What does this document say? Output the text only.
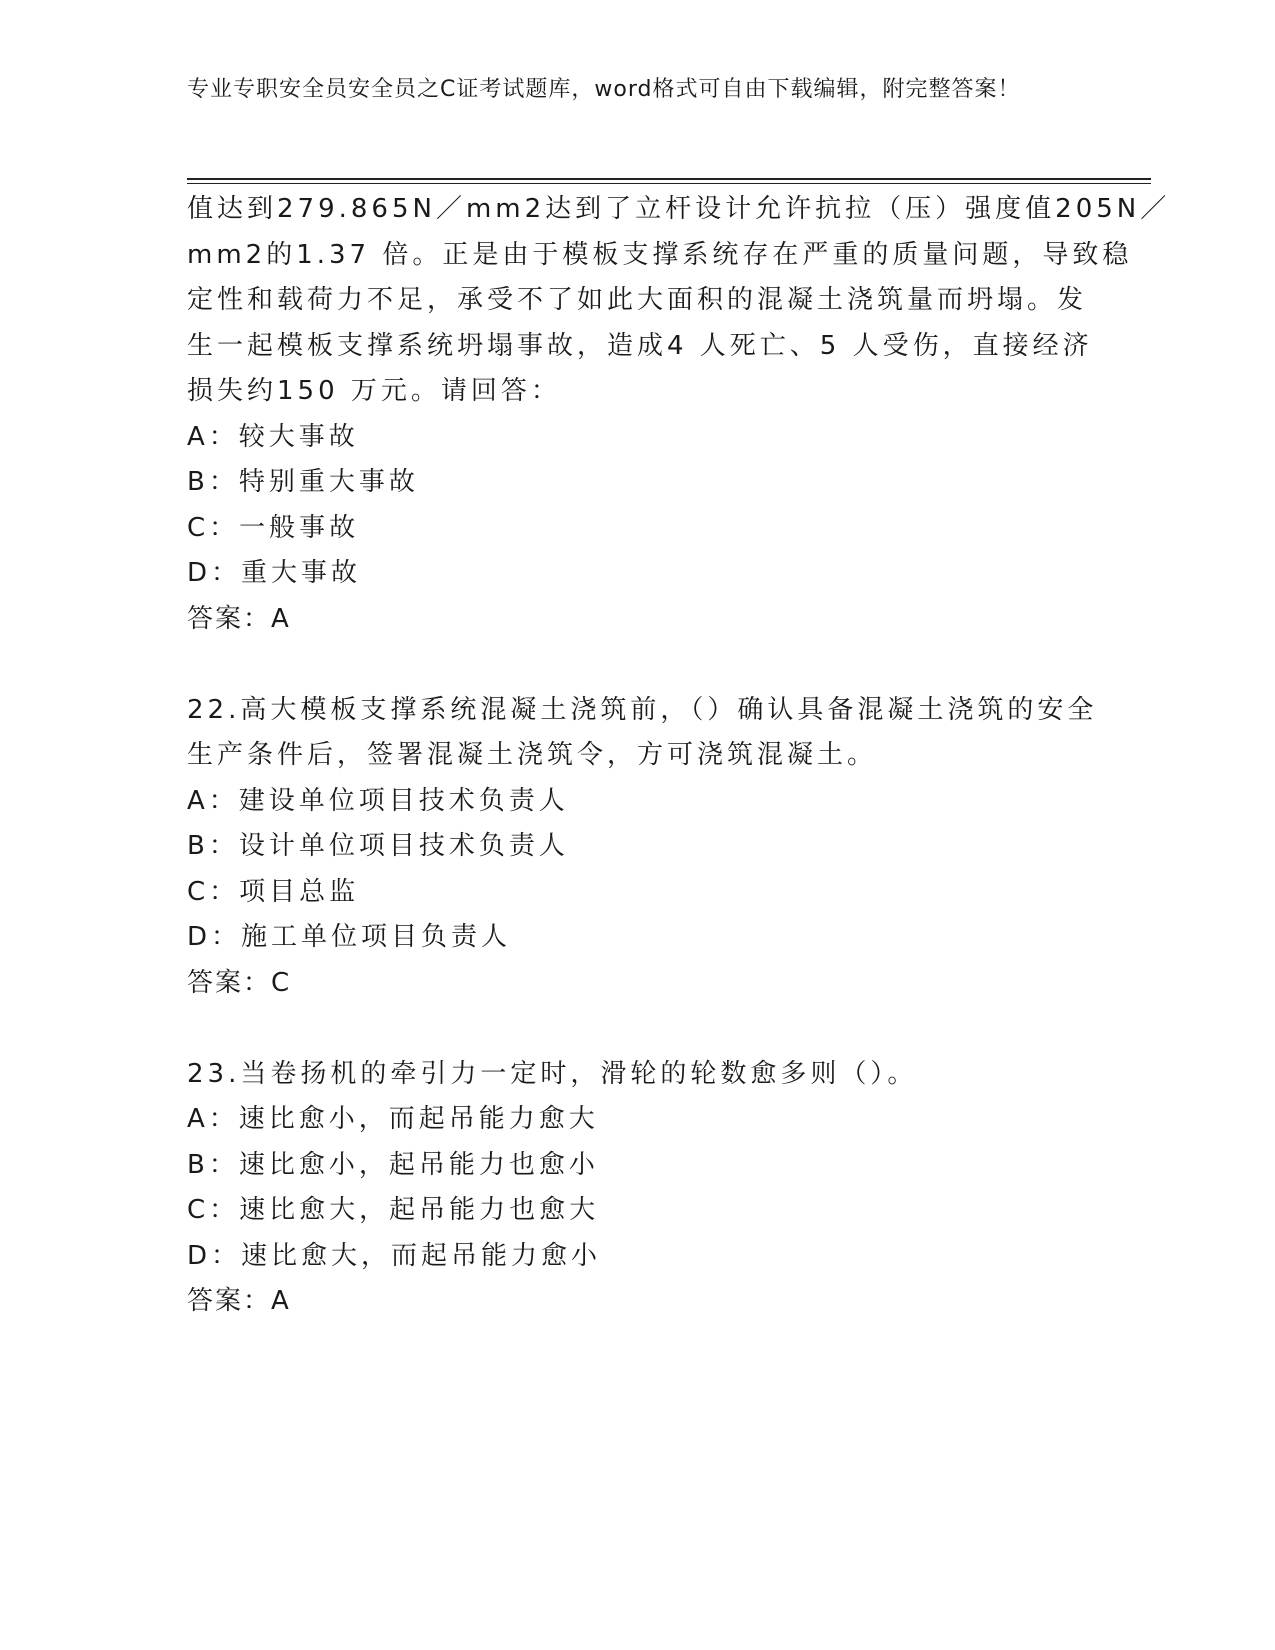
专业专职安全员安全员之C证考试题库，word格式可自由下载编辑，附完整答案！
值达到279.865N／mm2达到了立杆设计允许抗拉（压）强度值205N／
mm2的1.37 倍。正是由于模板支撑系统存在严重的质量问题，导致稳
定性和载荷力不足，承受不了如此大面积的混凝土浇筑量而坍塌。发
生一起模板支撑系统坍塌事故，造成4 人死亡、5 人受伤，直接经济
损失约150 万元。请回答：
A：较大事故
B：特别重大事故
C：一般事故
D：重大事故
答案：A
22.高大模板支撑系统混凝土浇筑前，（）确认具备混凝土浇筑的安全
生产条件后，签署混凝土浇筑令，方可浇筑混凝土。
A：建设单位项目技术负责人
B：设计单位项目技术负责人
C：项目总监
D：施工单位项目负责人
答案：C
23.当卷扬机的牵引力一定时，滑轮的轮数愈多则（）。
A：速比愈小，而起吊能力愈大
B：速比愈小，起吊能力也愈小
C：速比愈大，起吊能力也愈大
D：速比愈大，而起吊能力愈小
答案：A
